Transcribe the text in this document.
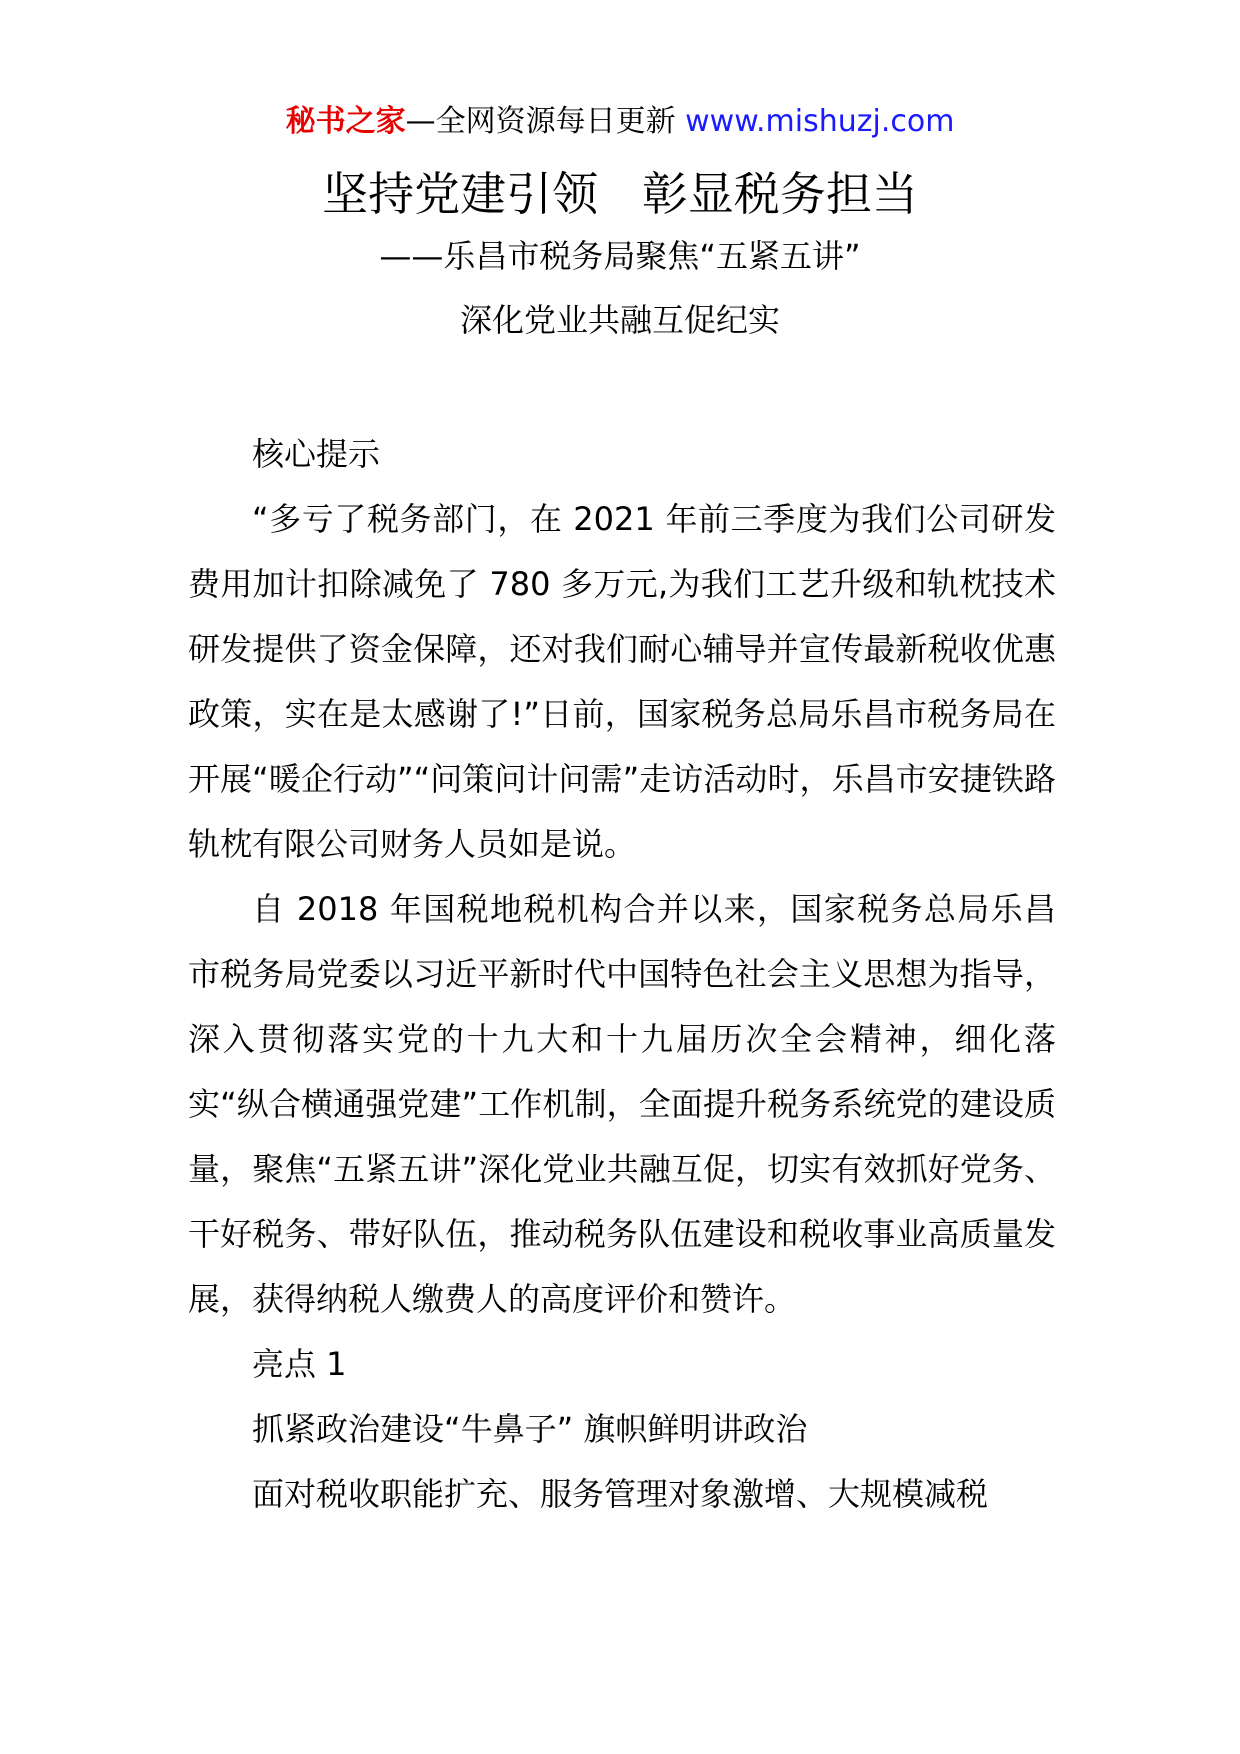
秘书之家—全网资源每日更新 www.mishuzj.com
坚持党建引领   彰显税务担当
——乐昌市税务局聚焦“五紧五讲”
深化党业共融互促纪实

核心提示

“多亏了税务部门，在 2021 年前三季度为我们公司研发费用加计扣除减免了 780 多万元,为我们工艺升级和轨枕技术研发提供了资金保障，还对我们耐心辅导并宣传最新税收优惠政策，实在是太感谢了!”日前，国家税务总局乐昌市税务局在开展“暖企行动”“问策问计问需”走访活动时，乐昌市安捷铁路轨枕有限公司财务人员如是说。

自 2018 年国税地税机构合并以来，国家税务总局乐昌市税务局党委以习近平新时代中国特色社会主义思想为指导，深入贯彻落实党的十九大和十九届历次全会精神，细化落实“纵合横通强党建”工作机制，全面提升税务系统党的建设质量，聚焦“五紧五讲”深化党业共融互促，切实有效抓好党务、干好税务、带好队伍，推动税务队伍建设和税收事业高质量发展，获得纳税人缴费人的高度评价和赞许。

亮点 1

抓紧政治建设“牛鼻子” 旗帜鲜明讲政治

面对税收职能扩充、服务管理对象激增、大规模减税
